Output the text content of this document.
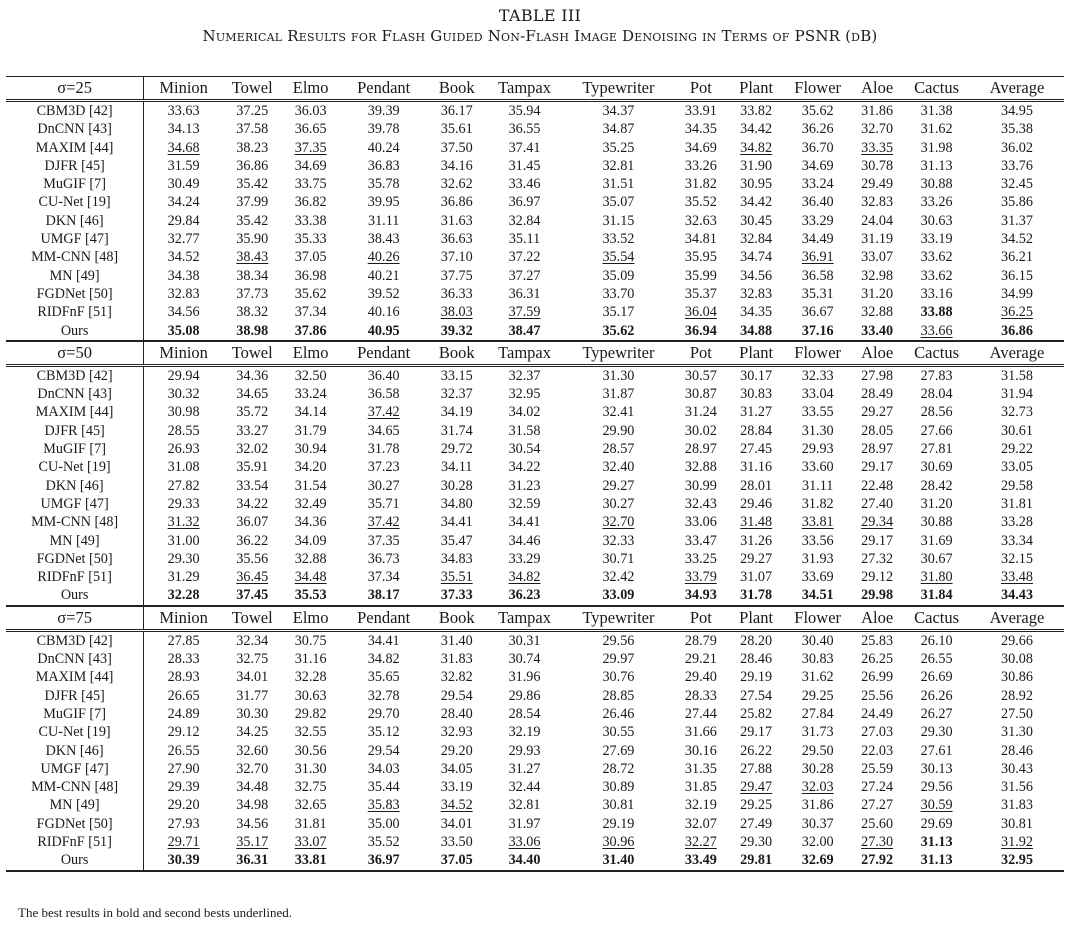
TABLE III
Numerical Results for Flash Guided Non-Flash Image Denoising in Terms of PSNR (dB)
σ=25	Minion	Towel	Elmo	Pendant	Book	Tampax	Typewriter	Pot	Plant	Flower	Aloe	Cactus	Average
CBM3D [42]	33.63	37.25	36.03	39.39	36.17	35.94	34.37	33.91	33.82	35.62	31.86	31.38	34.95
DnCNN [43]	34.13	37.58	36.65	39.78	35.61	36.55	34.87	34.35	34.42	36.26	32.70	31.62	35.38
MAXIM [44]	34.68	38.23	37.35	40.24	37.50	37.41	35.25	34.69	34.82	36.70	33.35	31.98	36.02
DJFR [45]	31.59	36.86	34.69	36.83	34.16	31.45	32.81	33.26	31.90	34.69	30.78	31.13	33.76
MuGIF [7]	30.49	35.42	33.75	35.78	32.62	33.46	31.51	31.82	30.95	33.24	29.49	30.88	32.45
CU-Net [19]	34.24	37.99	36.82	39.95	36.86	36.97	35.07	35.52	34.42	36.40	32.83	33.26	35.86
DKN [46]	29.84	35.42	33.38	31.11	31.63	32.84	31.15	32.63	30.45	33.29	24.04	30.63	31.37
UMGF [47]	32.77	35.90	35.33	38.43	36.63	35.11	33.52	34.81	32.84	34.49	31.19	33.19	34.52
MM-CNN [48]	34.52	38.43	37.05	40.26	37.10	37.22	35.54	35.95	34.74	36.91	33.07	33.62	36.21
MN [49]	34.38	38.34	36.98	40.21	37.75	37.27	35.09	35.99	34.56	36.58	32.98	33.62	36.15
FGDNet [50]	32.83	37.73	35.62	39.52	36.33	36.31	33.70	35.37	32.83	35.31	31.20	33.16	34.99
RIDFnF [51]	34.56	38.32	37.34	40.16	38.03	37.59	35.17	36.04	34.35	36.67	32.88	33.88	36.25
Ours	35.08	38.98	37.86	40.95	39.32	38.47	35.62	36.94	34.88	37.16	33.40	33.66	36.86
σ=50	Minion	Towel	Elmo	Pendant	Book	Tampax	Typewriter	Pot	Plant	Flower	Aloe	Cactus	Average
CBM3D [42]	29.94	34.36	32.50	36.40	33.15	32.37	31.30	30.57	30.17	32.33	27.98	27.83	31.58
DnCNN [43]	30.32	34.65	33.24	36.58	32.37	32.95	31.87	30.87	30.83	33.04	28.49	28.04	31.94
MAXIM [44]	30.98	35.72	34.14	37.42	34.19	34.02	32.41	31.24	31.27	33.55	29.27	28.56	32.73
DJFR [45]	28.55	33.27	31.79	34.65	31.74	31.58	29.90	30.02	28.84	31.30	28.05	27.66	30.61
MuGIF [7]	26.93	32.02	30.94	31.78	29.72	30.54	28.57	28.97	27.45	29.93	28.97	27.81	29.22
CU-Net [19]	31.08	35.91	34.20	37.23	34.11	34.22	32.40	32.88	31.16	33.60	29.17	30.69	33.05
DKN [46]	27.82	33.54	31.54	30.27	30.28	31.23	29.27	30.99	28.01	31.11	22.48	28.42	29.58
UMGF [47]	29.33	34.22	32.49	35.71	34.80	32.59	30.27	32.43	29.46	31.82	27.40	31.20	31.81
MM-CNN [48]	31.32	36.07	34.36	37.42	34.41	34.41	32.70	33.06	31.48	33.81	29.34	30.88	33.28
MN [49]	31.00	36.22	34.09	37.35	35.47	34.46	32.33	33.47	31.26	33.56	29.17	31.69	33.34
FGDNet [50]	29.30	35.56	32.88	36.73	34.83	33.29	30.71	33.25	29.27	31.93	27.32	30.67	32.15
RIDFnF [51]	31.29	36.45	34.48	37.34	35.51	34.82	32.42	33.79	31.07	33.69	29.12	31.80	33.48
Ours	32.28	37.45	35.53	38.17	37.33	36.23	33.09	34.93	31.78	34.51	29.98	31.84	34.43
σ=75	Minion	Towel	Elmo	Pendant	Book	Tampax	Typewriter	Pot	Plant	Flower	Aloe	Cactus	Average
CBM3D [42]	27.85	32.34	30.75	34.41	31.40	30.31	29.56	28.79	28.20	30.40	25.83	26.10	29.66
DnCNN [43]	28.33	32.75	31.16	34.82	31.83	30.74	29.97	29.21	28.46	30.83	26.25	26.55	30.08
MAXIM [44]	28.93	34.01	32.28	35.65	32.82	31.96	30.76	29.40	29.19	31.62	26.99	26.69	30.86
DJFR [45]	26.65	31.77	30.63	32.78	29.54	29.86	28.85	28.33	27.54	29.25	25.56	26.26	28.92
MuGIF [7]	24.89	30.30	29.82	29.70	28.40	28.54	26.46	27.44	25.82	27.84	24.49	26.27	27.50
CU-Net [19]	29.12	34.25	32.55	35.12	32.93	32.19	30.55	31.66	29.17	31.73	27.03	29.30	31.30
DKN [46]	26.55	32.60	30.56	29.54	29.20	29.93	27.69	30.16	26.22	29.50	22.03	27.61	28.46
UMGF [47]	27.90	32.70	31.30	34.03	34.05	31.27	28.72	31.35	27.88	30.28	25.59	30.13	30.43
MM-CNN [48]	29.39	34.48	32.75	35.44	33.19	32.44	30.89	31.85	29.47	32.03	27.24	29.56	31.56
MN [49]	29.20	34.98	32.65	35.83	34.52	32.81	30.81	32.19	29.25	31.86	27.27	30.59	31.83
FGDNet [50]	27.93	34.56	31.81	35.00	34.01	31.97	29.19	32.07	27.49	30.37	25.60	29.69	30.81
RIDFnF [51]	29.71	35.17	33.07	35.52	33.50	33.06	30.96	32.27	29.30	32.00	27.30	31.13	31.92
Ours	30.39	36.31	33.81	36.97	37.05	34.40	31.40	33.49	29.81	32.69	27.92	31.13	32.95
The best results in bold and second bests underlined.
